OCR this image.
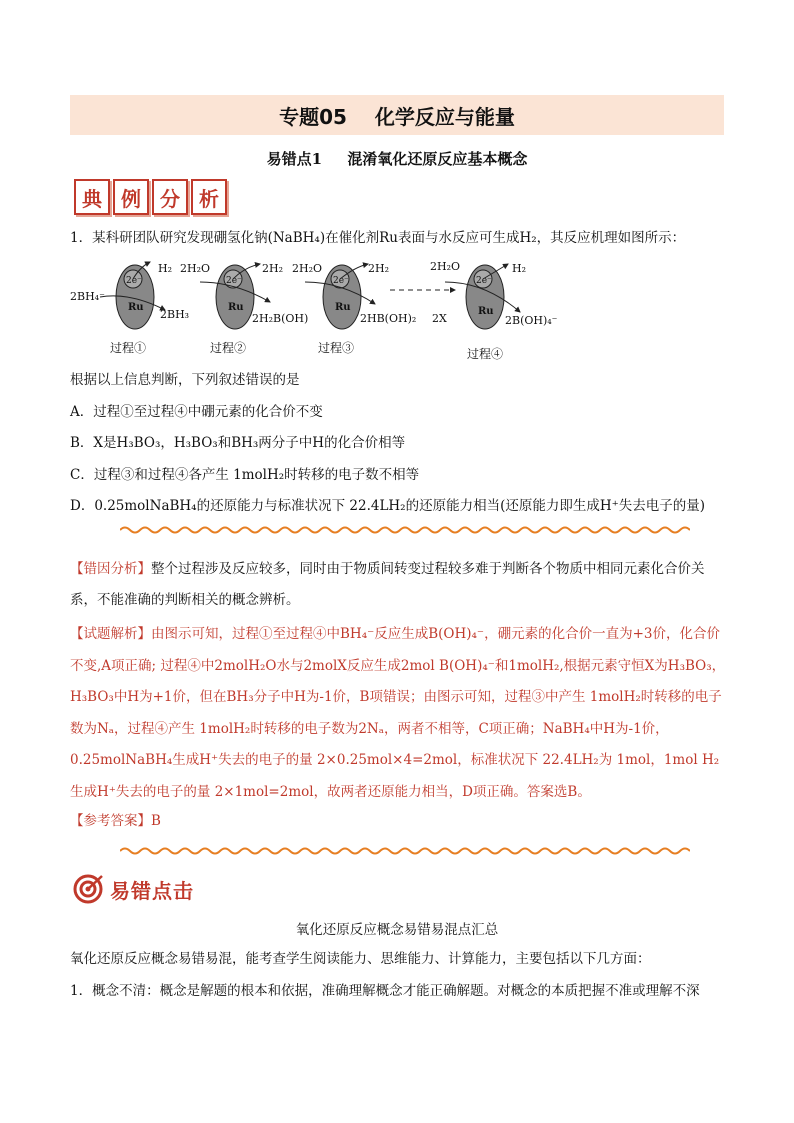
专题05 化学反应与能量
易错点1 混淆氧化还原反应基本概念
典 例 分 析
1．某科研团队研究发现硼氢化钠(NaBH₄)在催化剂Ru表面与水反应可生成H₂，其反应机理如图所示：
2e⁻
Ru
2e⁻
Ru
2e⁻
Ru
2e⁻
Ru
2BH₄⁻
H₂
2BH₃
2H₂O	2H₂
2H₂B(OH)
2H₂O	2H₂
2HB(OH)₂
2H₂O	H₂
2X	2B(OH)₄⁻
过程①	过程②	过程③	过程④
根据以上信息判断，下列叙述错误的是
A．过程①至过程④中硼元素的化合价不变
B．X是H₃BO₃，H₃BO₃和BH₃两分子中H的化合价相等
C．过程③和过程④各产生 1molH₂时转移的电子数不相等
D．0.25molNaBH₄的还原能力与标准状况下 22.4LH₂的还原能力相当(还原能力即生成H⁺失去电子的量)
【错因分析】整个过程涉及反应较多，同时由于物质间转变过程较多难于判断各个物质中相同元素化合价关系，不能准确的判断相关的概念辨析。
【试题解析】由图示可知，过程①至过程④中BH₄⁻反应生成B(OH)₄⁻，硼元素的化合价一直为+3价，化合价不变,A项正确; 过程④中2molH₂O水与2molX反应生成2mol B(OH)₄⁻和1molH₂,根据元素守恒X为H₃BO₃，H₃BO₃中H为+1价，但在BH₃分子中H为-1价，B项错误；由图示可知，过程③中产生 1molH₂时转移的电子数为Nₐ，过程④产生 1molH₂时转移的电子数为2Nₐ，两者不相等，C项正确；NaBH₄中H为-1价，0.25molNaBH₄生成H⁺失去的电子的量 2×0.25mol×4=2mol，标准状况下 22.4LH₂为 1mol，1mol H₂生成H⁺失去的电子的量 2×1mol=2mol，故两者还原能力相当，D项正确。答案选B。
【参考答案】B
易错点击
氧化还原反应概念易错易混点汇总
氧化还原反应概念易错易混，能考查学生阅读能力、思维能力、计算能力，主要包括以下几方面：
1．概念不清：概念是解题的根本和依据，准确理解概念才能正确解题。对概念的本质把握不准或理解不深
